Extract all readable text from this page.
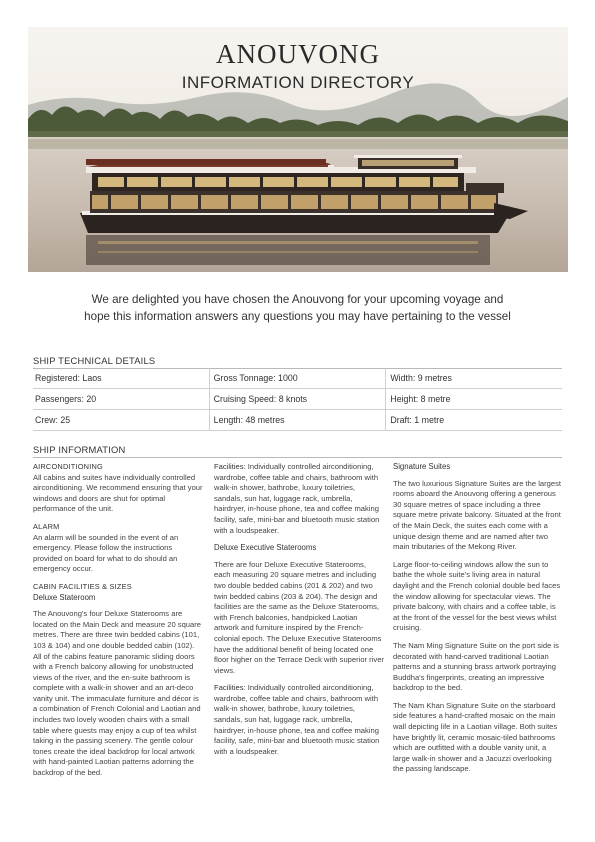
ANOUVONG
INFORMATION DIRECTORY
We are delighted you have chosen the Anouvong for your upcoming voyage and
hope this information answers any questions you may have pertaining to the vessel
SHIP TECHNICAL DETAILS
Registered: Laos	Gross Tonnage: 1000	Width: 9 metres
Passengers: 20	Cruising Speed: 8 knots	Height: 8 metre
Crew: 25	Length: 48 metres	Draft: 1 metre
SHIP INFORMATION
AIRCONDITIONING

All cabins and suites have individually controlled airconditioning. We recommend ensuring that your windows and doors are shut for optimal performance of the unit.

ALARM

An alarm will be sounded in the event of an emergency. Please follow the instructions provided on board for what to do should an emergency occur.

CABIN FACILITIES & SIZES
Deluxe Stateroom

The Anouvong's four Deluxe Staterooms are located on the Main Deck and measure 20 square metres. There are three twin bedded cabins (101, 103 & 104) and one double bedded cabin (102). All of the cabins feature panoramic sliding doors with a French balcony allowing for unobstructed views of the river, and the en-suite bathroom is complete with a walk-in shower and an art-deco vanity unit. The immaculate furniture and décor is a combination of French Colonial and Laotian and includes two lovely wooden chairs with a small table where guests may enjoy a cup of tea whilst taking in the passing scenery. The gentle colour tones create the ideal backdrop for local artwork with hand-painted Laotian patterns adorning the backdrop of the bed.

Facilities: Individually controlled airconditioning, wardrobe, coffee table and chairs, bathroom with walk-in shower, bathrobe, luxury toiletries, sandals, sun hat, luggage rack, umbrella, hairdryer, in-house phone, tea and coffee making facility, safe, mini-bar and bluetooth music station with a loudspeaker.

Deluxe Executive Staterooms

There are four Deluxe Executive Staterooms, each measuring 20 square metres and including two double bedded cabins (201 & 202) and two twin bedded cabins (203 & 204). The design and facilities are the same as the Deluxe Staterooms, with French balconies, handpicked Laotian artwork and furniture inspired by the French-colonial epoch. The Deluxe Executive Staterooms have the additional benefit of being located one floor higher on the Terrace Deck with superior river views.

Facilities: Individually controlled airconditioning, wardrobe, coffee table and chairs, bathroom with walk-in shower, bathrobe, luxury toiletries, sandals, sun hat, luggage rack, umbrella, hairdryer, in-house phone, tea and coffee making facility, safe, mini-bar and bluetooth music station with a loudspeaker.

Signature Suites

The two luxurious Signature Suites are the largest rooms aboard the Anouvong offering a generous 30 square metres of space including a three square metre private balcony. Situated at the front of the Main Deck, the suites each come with a unique design theme and are named after two main tributaries of the Mekong River.

Large floor-to-ceiling windows allow the sun to bathe the whole suite's living area in natural daylight and the French colonial double bed faces the window allowing for spectacular views. The private balcony, with chairs and a coffee table, is at the front of the vessel for the best views whilst cruising.

The Nam Ming Signature Suite on the port side is decorated with hand-carved traditional Laotian patterns and a stunning brass artwork portraying Buddha's fingerprints, creating an impressive backdrop to the bed.

The Nam Khan Signature Suite on the starboard side features a hand-crafted mosaic on the main wall depicting life in a Laotian village. Both suites have brightly lit, ceramic mosaic-tiled bathrooms which are outfitted with a double vanity unit, a large walk-in shower and a Jacuzzi overlooking the passing landscape.
